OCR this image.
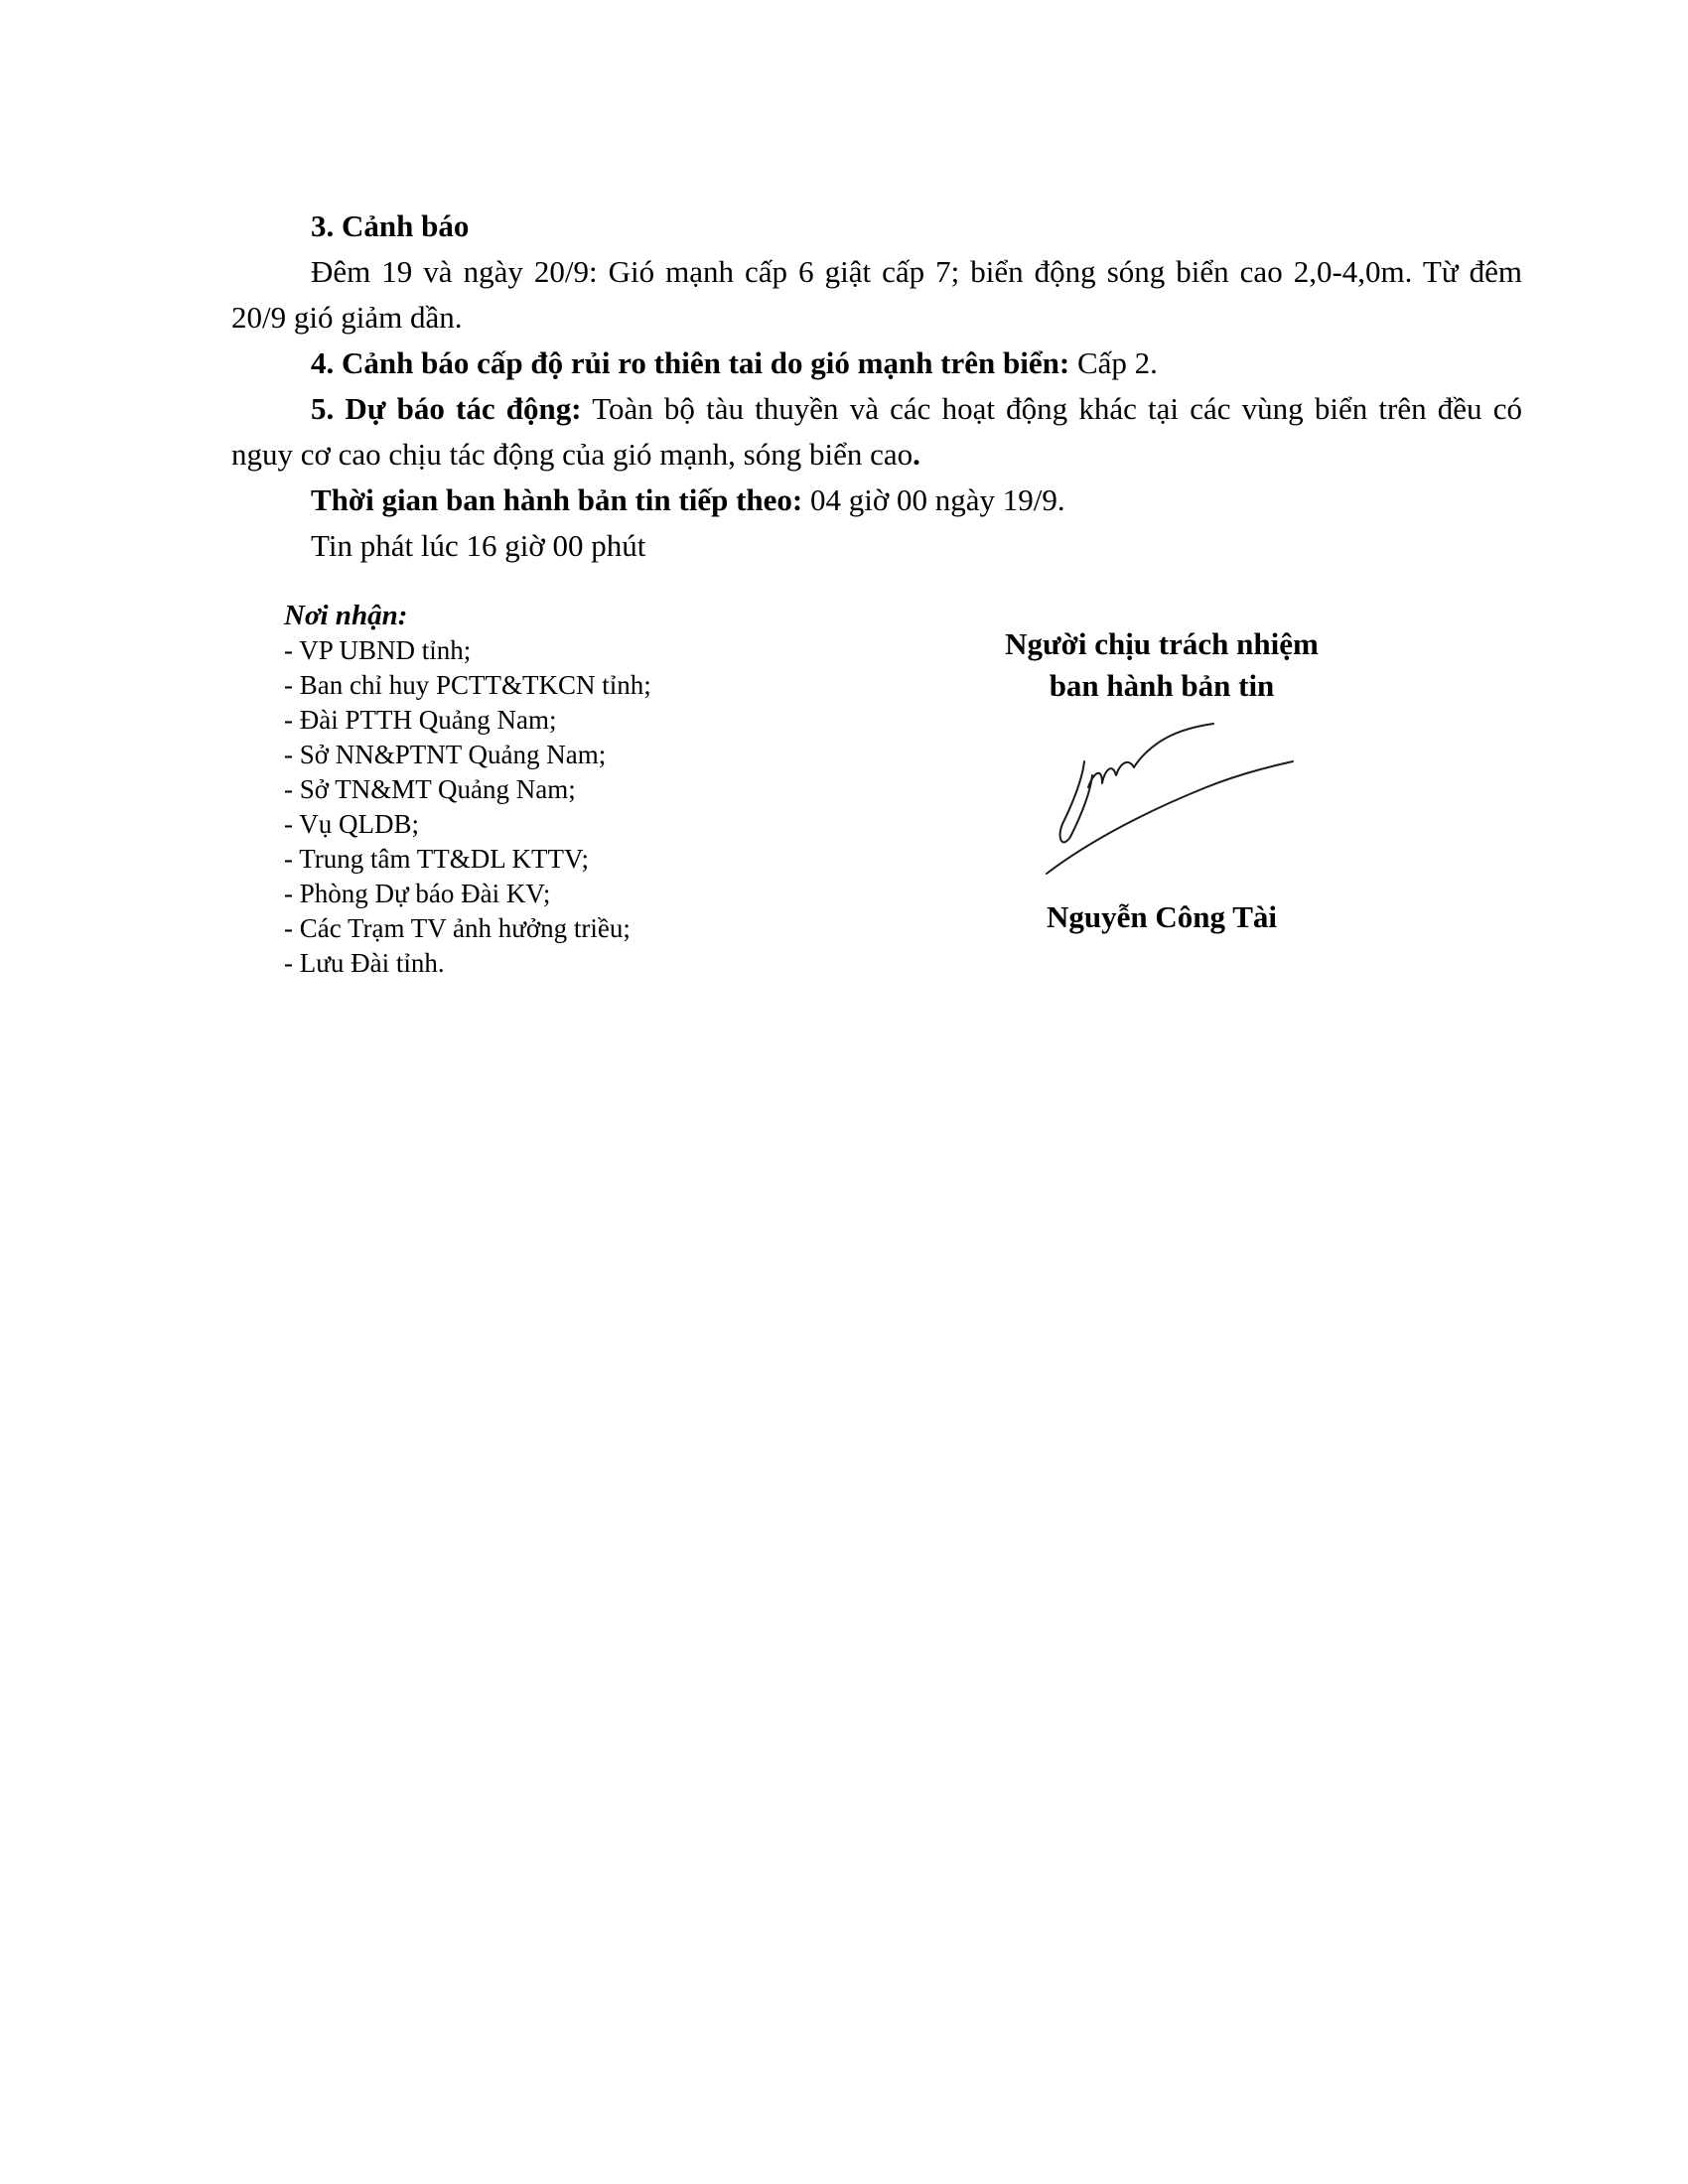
3. Cảnh báo

Đêm 19 và ngày 20/9: Gió mạnh cấp 6 giật cấp 7; biển động sóng biển cao 2,0-4,0m. Từ đêm 20/9 gió giảm dần.

4. Cảnh báo cấp độ rủi ro thiên tai do gió mạnh trên biển: Cấp 2.

5. Dự báo tác động: Toàn bộ tàu thuyền và các hoạt động khác tại các vùng biển trên đều có nguy cơ cao chịu tác động của gió mạnh, sóng biển cao.

Thời gian ban hành bản tin tiếp theo: 04 giờ 00 ngày 19/9.

Tin phát lúc 16 giờ 00 phút

Nơi nhận:
- VP UBND tỉnh;
- Ban chỉ huy PCTT&TKCN tỉnh;
- Đài PTTH Quảng Nam;
- Sở NN&PTNT Quảng Nam;
- Sở TN&MT Quảng Nam;
- Vụ QLDB;
- Trung tâm TT&DL KTTV;
- Phòng Dự báo Đài KV;
- Các Trạm TV ảnh hưởng triều;
- Lưu Đài tỉnh.
Người chịu trách nhiệm
ban hành bản tin
Nguyễn Công Tài
